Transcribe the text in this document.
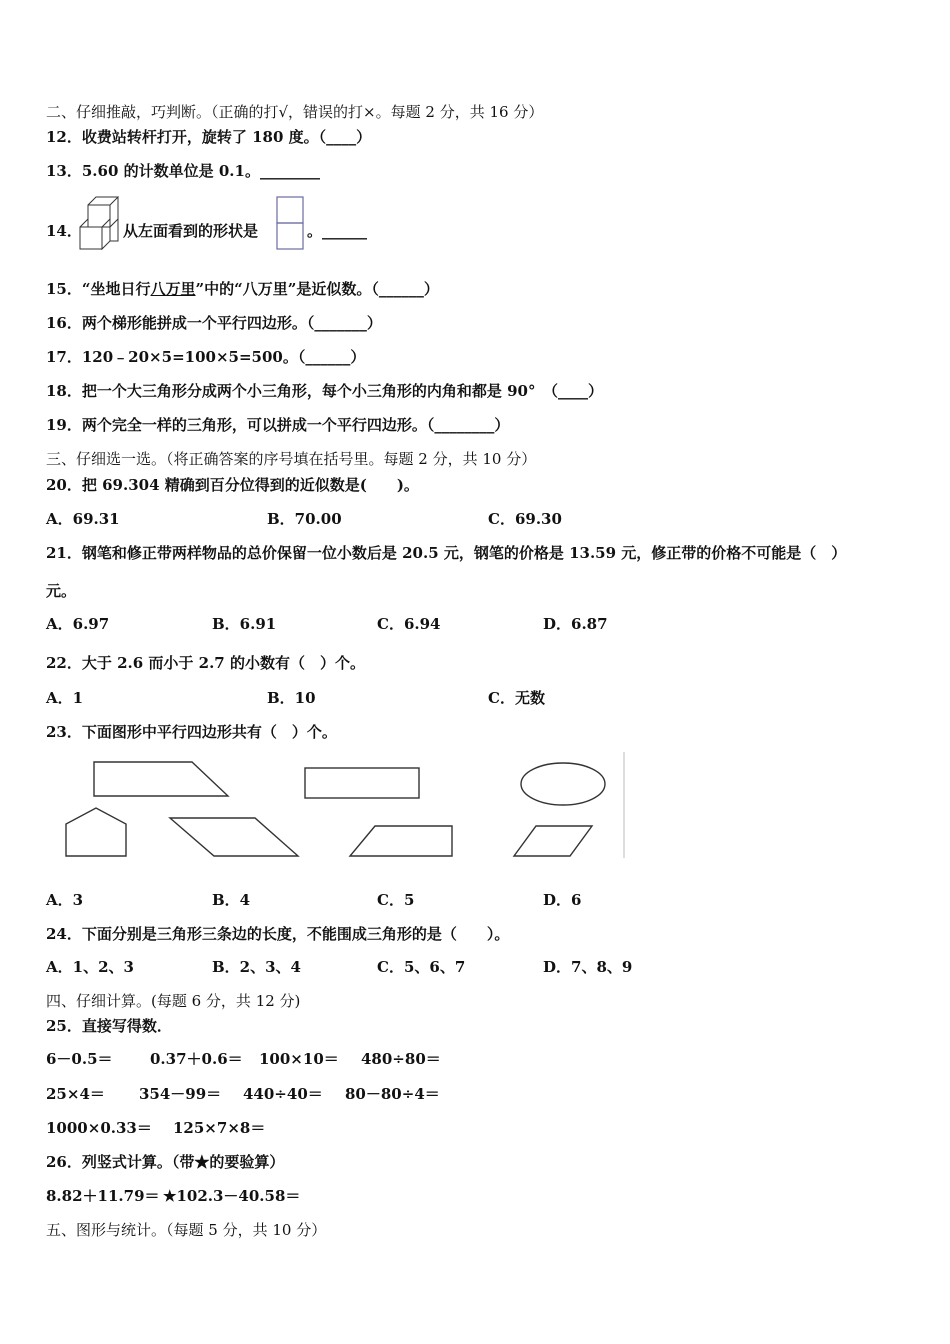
二、仔细推敲，巧判断。（正确的打√，错误的打×。每题 2 分，共 16 分）
12．收费站转杆打开，旋转了 180 度。（____）
13．5.60 的计数单位是 0.1。________
14．	从左面看到的形状是	。______
15．“坐地日行八万里”中的“八万里”是近似数。（______）
16．两个梯形能拼成一个平行四边形。（_______）
17．120﹣20×5=100×5=500。（______）
18．把一个大三角形分成两个小三角形，每个小三角形的内角和都是 90°　（____）
19．两个完全一样的三角形，可以拼成一个平行四边形。（________）
三、仔细选一选。（将正确答案的序号填在括号里。每题 2 分，共 10 分）
20．把 69.304 精确到百分位得到的近似数是(　　)。
A．69.31	B．70.00	C．69.30
21．钢笔和修正带两样物品的总价保留一位小数后是 20.5 元，钢笔的价格是 13.59 元，修正带的价格不可能是（　）
元。
A．6.97	B．6.91	C．6.94	D．6.87
22．大于 2.6 而小于 2.7 的小数有（　）个。
A．1	B．10	C．无数
23．下面图形中平行四边形共有（　）个。
A．3	B．4	C．5	D．6
24．下面分别是三角形三条边的长度，不能围成三角形的是（　　）。
A．1、2、3	B．2、3、4	C．5、6、7	D．7、8、9
四、仔细计算。(每题 6 分，共 12 分)
25．直接写得数．
6－0.5＝ 0.37＋0.6＝ 100×10＝ 480÷80＝
25×4＝ 354－99＝ 440÷40＝ 80－80÷4＝
1000×0.33＝ 125×7×8＝
26．列竖式计算。（带★的要验算）
8.82＋11.79＝ ★102.3－40.58＝
五、图形与统计。（每题 5 分，共 10 分）
